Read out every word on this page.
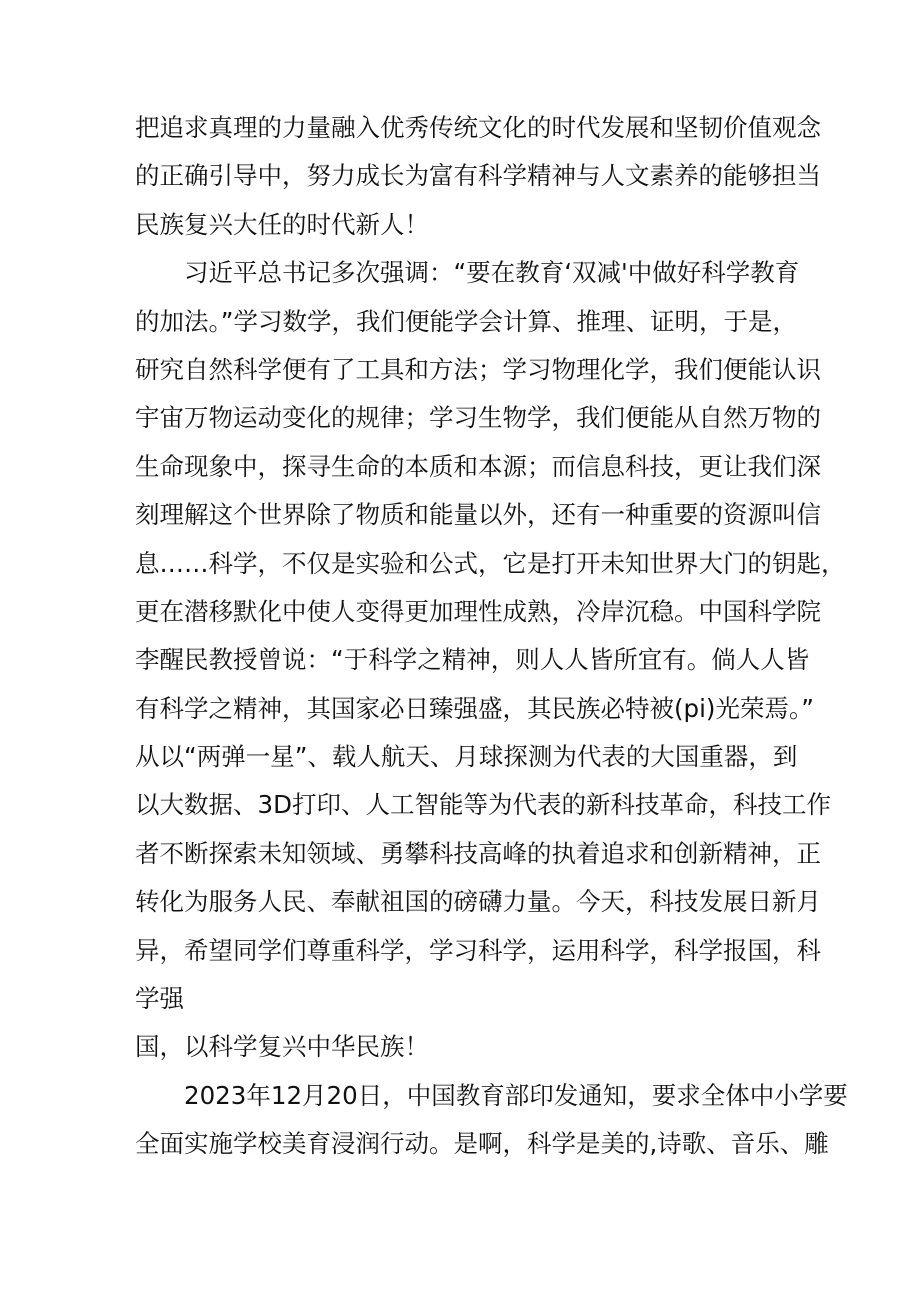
把追求真理的力量融入优秀传统文化的时代发展和坚韧价值观念
的正确引导中，努力成长为富有科学精神与人文素养的能够担当
民族复兴大任的时代新人！
习近平总书记多次强调：“要在教育‘双减'中做好科学教育
的加法。”学习数学，我们便能学会计算、推理、证明，于是，
研究自然科学便有了工具和方法；学习物理化学，我们便能认识
宇宙万物运动变化的规律；学习生物学，我们便能从自然万物的
生命现象中，探寻生命的本质和本源；而信息科技，更让我们深
刻理解这个世界除了物质和能量以外，还有一种重要的资源叫信
息……科学，不仅是实验和公式，它是打开未知世界大门的钥匙，
更在潜移默化中使人变得更加理性成熟，冷岸沉稳。中国科学院
李醒民教授曾说：“于科学之精神，则人人皆所宜有。倘人人皆
有科学之精神，其国家必日臻强盛，其民族必特被(pi)光荣焉。”
从以“两弹一星”、载人航天、月球探测为代表的大国重器，到
以大数据、3D打印、人工智能等为代表的新科技革命，科技工作
者不断探索未知领域、勇攀科技高峰的执着追求和创新精神，正
转化为服务人民、奉献祖国的磅礴力量。今天，科技发展日新月
异，希望同学们尊重科学，学习科学，运用科学，科学报国，科
学强
国，以科学复兴中华民族！
2023年12月20日，中国教育部印发通知，要求全体中小学要
全面实施学校美育浸润行动。是啊，科学是美的,诗歌、音乐、雕
